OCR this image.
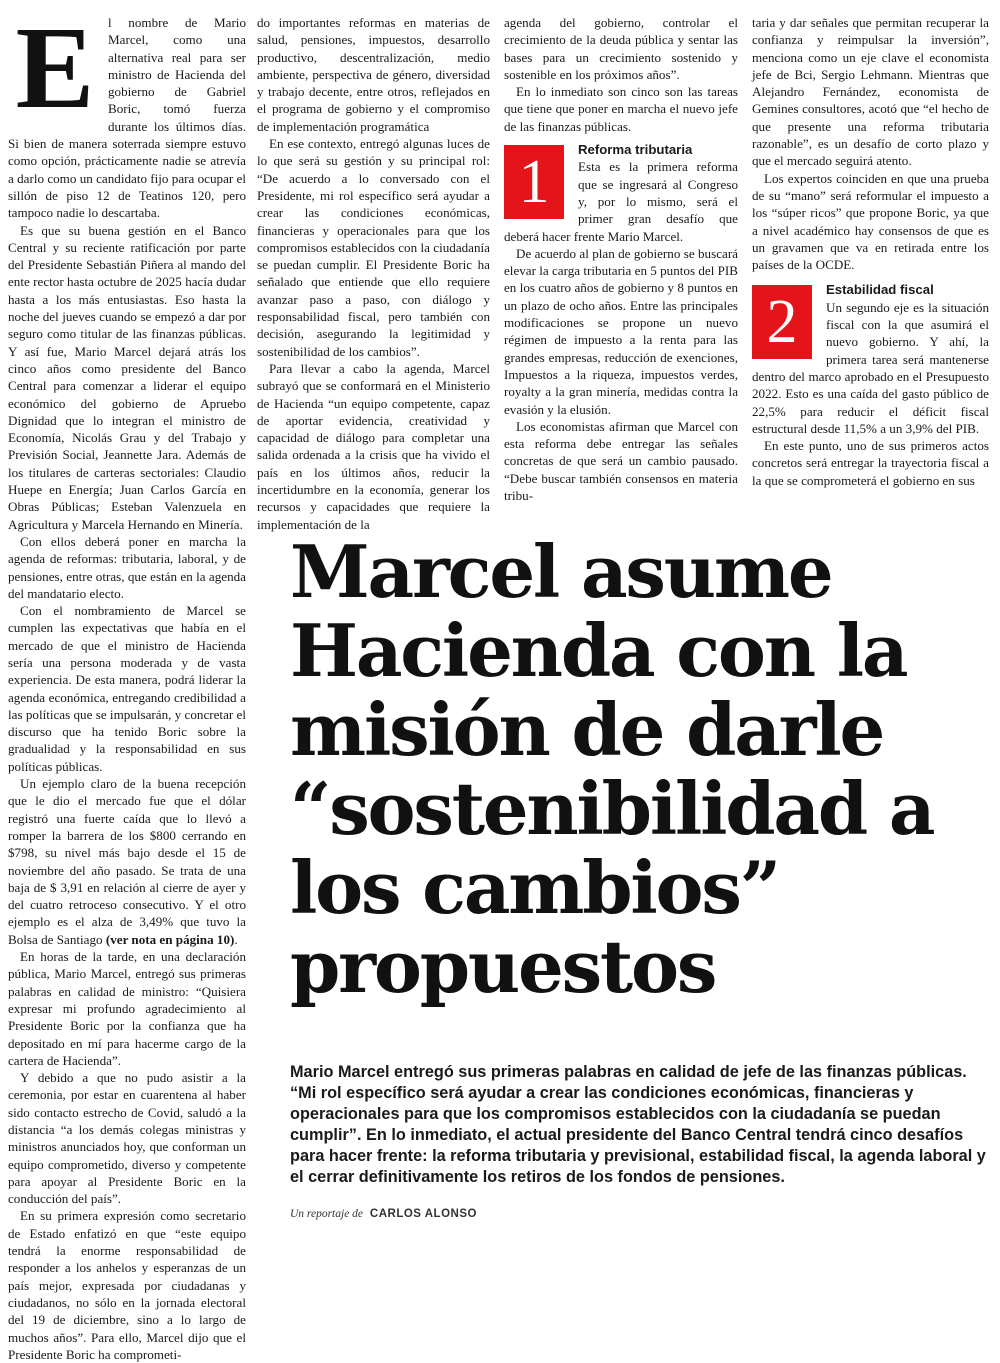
E	l nombre de Mario Marcel, como una alternativa real para ser ministro de Hacienda del gobierno de Gabriel Boric, tomó fuerza durante los últimos días. Si bien de manera soterrada siempre estuvo como opción, prácticamente nadie se atrevía a darlo como un candidato fijo para ocupar el sillón de piso 12 de Teatinos 120, pero tampoco nadie lo descartaba.

Es que su buena gestión en el Banco Central y su reciente ratificación por parte del Presidente Sebastián Piñera al mando del ente rector hasta octubre de 2025 hacía dudar hasta a los más entusiastas. Eso hasta la noche del jueves cuando se empezó a dar por seguro como titular de las finanzas públicas. Y así fue, Mario Marcel dejará atrás los cinco años como presidente del Banco Central para comenzar a liderar el equipo económico del gobierno de Apruebo Dignidad que lo integran el ministro de Economía, Nicolás Grau y del Trabajo y Previsión Social, Jeannette Jara. Además de los titulares de carteras sectoriales: Claudio Huepe en Energía; Juan Carlos García en Obras Públicas; Esteban Valenzuela en Agricultura y Marcela Hernando en Minería.

Con ellos deberá poner en marcha la agenda de reformas: tributaria, laboral, y de pensiones, entre otras, que están en la agenda del mandatario electo.

Con el nombramiento de Marcel se cumplen las expectativas que había en el mercado de que el ministro de Hacienda sería una persona moderada y de vasta experiencia. De esta manera, podrá liderar la agenda económica, entregando credibilidad a las políticas que se impulsarán, y concretar el discurso que ha tenido Boric sobre la gradualidad y la responsabilidad en sus políticas públicas.

Un ejemplo claro de la buena recepción que le dio el mercado fue que el dólar registró una fuerte caída que lo llevó a romper la barrera de los $800 cerrando en $798, su nivel más bajo desde el 15 de noviembre del año pasado. Se trata de una baja de $ 3,91 en relación al cierre de ayer y del cuatro retroceso consecutivo. Y el otro ejemplo es el alza de 3,49% que tuvo la Bolsa de Santiago (ver nota en página 10).

En horas de la tarde, en una declaración pública, Mario Marcel, entregó sus primeras palabras en calidad de ministro: “Quisiera expresar mi profundo agradecimiento al Presidente Boric por la confianza que ha depositado en mí para hacerme cargo de la cartera de Hacienda”.

Y debido a que no pudo asistir a la ceremonia, por estar en cuarentena al haber sido contacto estrecho de Covid, saludó a la distancia “a los demás colegas ministras y ministros anunciados hoy, que conforman un equipo comprometido, diverso y competente para apoyar al Presidente Boric en la conducción del país”.

En su primera expresión como secretario de Estado enfatizó en que “este equipo tendrá la enorme responsabilidad de responder a los anhelos y esperanzas de un país mejor, expresada por ciudadanas y ciudadanos, no sólo en la jornada electoral del 19 de diciembre, sino a lo largo de muchos años”. Para ello, Marcel dijo que el Presidente Boric ha comprometi-

do importantes reformas en materias de salud, pensiones, impuestos, desarrollo productivo, descentralización, medio ambiente, perspectiva de género, diversidad y trabajo decente, entre otros, reflejados en el programa de gobierno y el compromiso de implementación programática

En ese contexto, entregó algunas luces de lo que será su gestión y su principal rol: “De acuerdo a lo conversado con el Presidente, mi rol específico será ayudar a crear las condiciones económicas, financieras y operacionales para que los compromisos establecidos con la ciudadanía se puedan cumplir. El Presidente Boric ha señalado que entiende que ello requiere avanzar paso a paso, con diálogo y responsabilidad fiscal, pero también con decisión, asegurando la legitimidad y sostenibilidad de los cambios”.

Para llevar a cabo la agenda, Marcel subrayó que se conformará en el Ministerio de Hacienda “un equipo competente, capaz de aportar evidencia, creatividad y capacidad de diálogo para completar una salida ordenada a la crisis que ha vivido el país en los últimos años, reducir la incertidumbre en la economía, generar los recursos y capacidades que requiere la implementación de la

agenda del gobierno, controlar el crecimiento de la deuda pública y sentar las bases para un crecimiento sostenido y sostenible en los próximos años”.

En lo inmediato son cinco son las tareas que tiene que poner en marcha el nuevo jefe de las finanzas públicas.

1	Reforma tributaria

Esta es la primera reforma que se ingresará al Congreso y, por lo mismo, será el primer gran desafío que deberá hacer frente Mario Marcel.

De acuerdo al plan de gobierno se buscará elevar la carga tributaria en 5 puntos del PIB en los cuatro años de gobierno y 8 puntos en un plazo de ocho años. Entre las principales modificaciones se propone un nuevo régimen de impuesto a la renta para las grandes empresas, reducción de exenciones, Impuestos a la riqueza, impuestos verdes, royalty a la gran minería, medidas contra la evasión y la elusión.

Los economistas afirman que Marcel con esta reforma debe entregar las señales concretas de que será un cambio pausado. “Debe buscar también consensos en materia tribu-

taria y dar señales que permitan recuperar la confianza y reimpulsar la inversión”, menciona como un eje clave el economista jefe de Bci, Sergio Lehmann. Mientras que Alejandro Fernández, economista de Gemines consultores, acotó que “el hecho de que presente una reforma tributaria razonable”, es un desafío de corto plazo y que el mercado seguirá atento.

Los expertos coinciden en que una prueba de su “mano” será reformular el impuesto a los “súper ricos” que propone Boric, ya que a nivel académico hay consensos de que es un gravamen que va en retirada entre los países de la OCDE.

2	Estabilidad fiscal

Un segundo eje es la situación fiscal con la que asumirá el nuevo gobierno. Y ahí, la primera tarea será mantenerse dentro del marco aprobado en el Presupuesto 2022. Esto es una caída del gasto público de 22,5% para reducir el déficit fiscal estructural desde 11,5% a un 3,9% del PIB.

En este punto, uno de sus primeros actos concretos será entregar la trayectoria fiscal a la que se comprometerá el gobierno en sus

Marcel asume Hacienda con la misión de darle “sostenibilidad a los cambios” propuestos

Mario Marcel entregó sus primeras palabras en calidad de jefe de las finanzas públicas. “Mi rol específico será ayudar a crear las condiciones económicas, financieras y operacionales para que los compromisos establecidos con la ciudadanía se puedan cumplir”. En lo inmediato, el actual presidente del Banco Central tendrá cinco desafíos para hacer frente: la reforma tributaria y previsional, estabilidad fiscal, la agenda laboral y el cerrar definitivamente los retiros de los fondos de pensiones.

Un reportaje de CARLOS ALONSO
